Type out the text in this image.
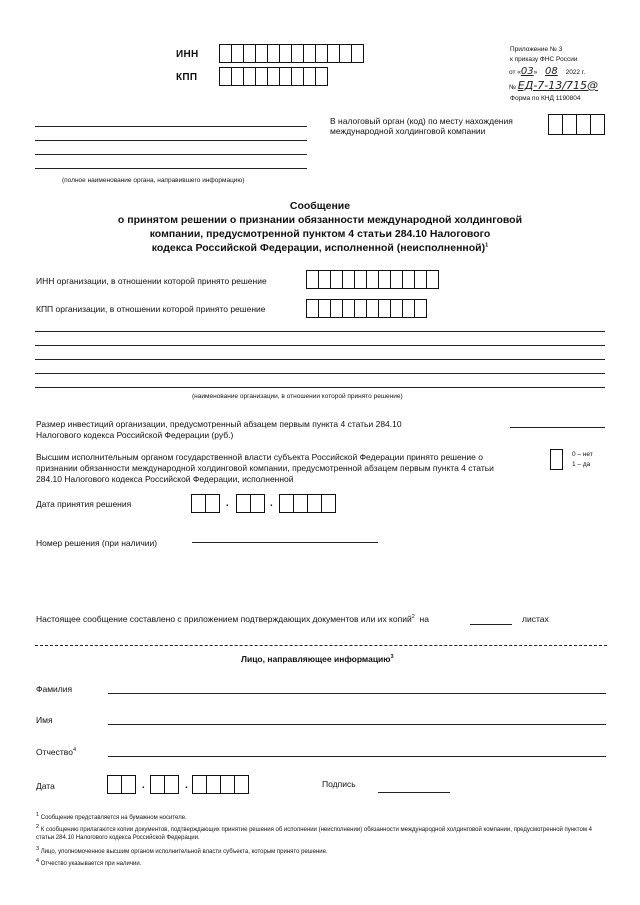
ИНН
КПП
Приложение № 3
к приказу ФНС России
от «03» 08 2022 г.
№ ЕД-7-13/715@
Форма по КНД 1190804
В налоговый орган (код) по месту нахождения международной холдинговой компании
(полное наименование органа, направившего информацию)
Сообщение
о принятом решении о признании обязанности международной холдинговой
компании, предусмотренной пунктом 4 статьи 284.10 Налогового
кодекса Российской Федерации, исполненной (неисполненной)$^1$
ИНН организации, в отношении которой принято решение
КПП организации, в отношении которой принято решение
(наименование организации, в отношении которой принято решение)
Размер инвестиций организации, предусмотренный абзацем первым пункта 4 статьи 284.10 Налогового кодекса Российской Федерации (руб.)
Высшим исполнительным органом государственной власти субъекта Российской Федерации принято решение о признании обязанности международной холдинговой компании, предусмотренной абзацем первым пункта 4 статьи 284.10 Налогового кодекса Российской Федерации, исполненной
0 – нет
1 – да
Дата принятия решения	.	.
Номер решения (при наличии)
Настоящее сообщение составлено с приложением подтверждающих документов или их копий$^2$ на	листах
Лицо, направляющее информацию$^3$
Фамилия
Имя
Отчество$^4$
Дата	.	.	Подпись
1 Сообщение представляется на бумажном носителе.
2 К сообщению прилагаются копии документов, подтверждающих принятие решения об исполнении (неисполнении) обязанности международной холдинговой компании, предусмотренной пунктом 4 статьи 284.10 Налогового кодекса Российской Федерации.
3 Лицо, уполномоченное высшим органом исполнительной власти субъекта, которым принято решение.
4 Отчество указывается при наличии.
